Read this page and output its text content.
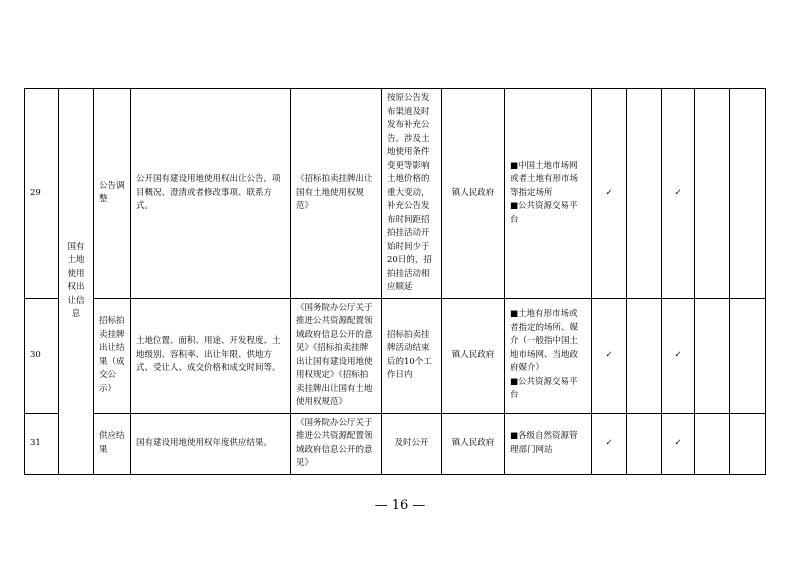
29	国有土地使用权出让信息	公告调整	公开国有建设用地使用权出让公告，项目概况、澄清或者修改事项、联系方式。	《招标拍卖挂牌出让国有土地使用权规范》	按原公告发布渠道及时发布补充公告。涉及土地使用条件变更等影响土地价格的重大变动，补充公告发布时间距招拍挂活动开始时间少于20日的，招拍挂活动相应顺延	镇人民政府	■中国土地市场网或者土地有形市场等指定场所
■公共资源交易平台	✓		✓		
30		招标拍卖挂牌出让结果（成交公示）	土地位置、面积、用途、开发程度、土地级别、容积率、出让年限、供地方式、受让人、成交价格和成交时间等。	《国务院办公厅关于推进公共资源配置领域政府信息公开的意见》《招标拍卖挂牌出让国有建设用地使用权规定》《招标拍卖挂牌出让国有土地使用权规范》	招标拍卖挂牌活动结束后的10个工作日内	镇人民政府	■土地有形市场或者指定的场所、媒介（一般指中国土地市场网、当地政府媒介）
■公共资源交易平台	✓		✓		
31		供应结果	国有建设用地使用权年度供应结果。	《国务院办公厅关于推进公共资源配置领域政府信息公开的意见》	及时公开	镇人民政府	■各级自然资源管理部门网站	✓		✓		
— 16 —
